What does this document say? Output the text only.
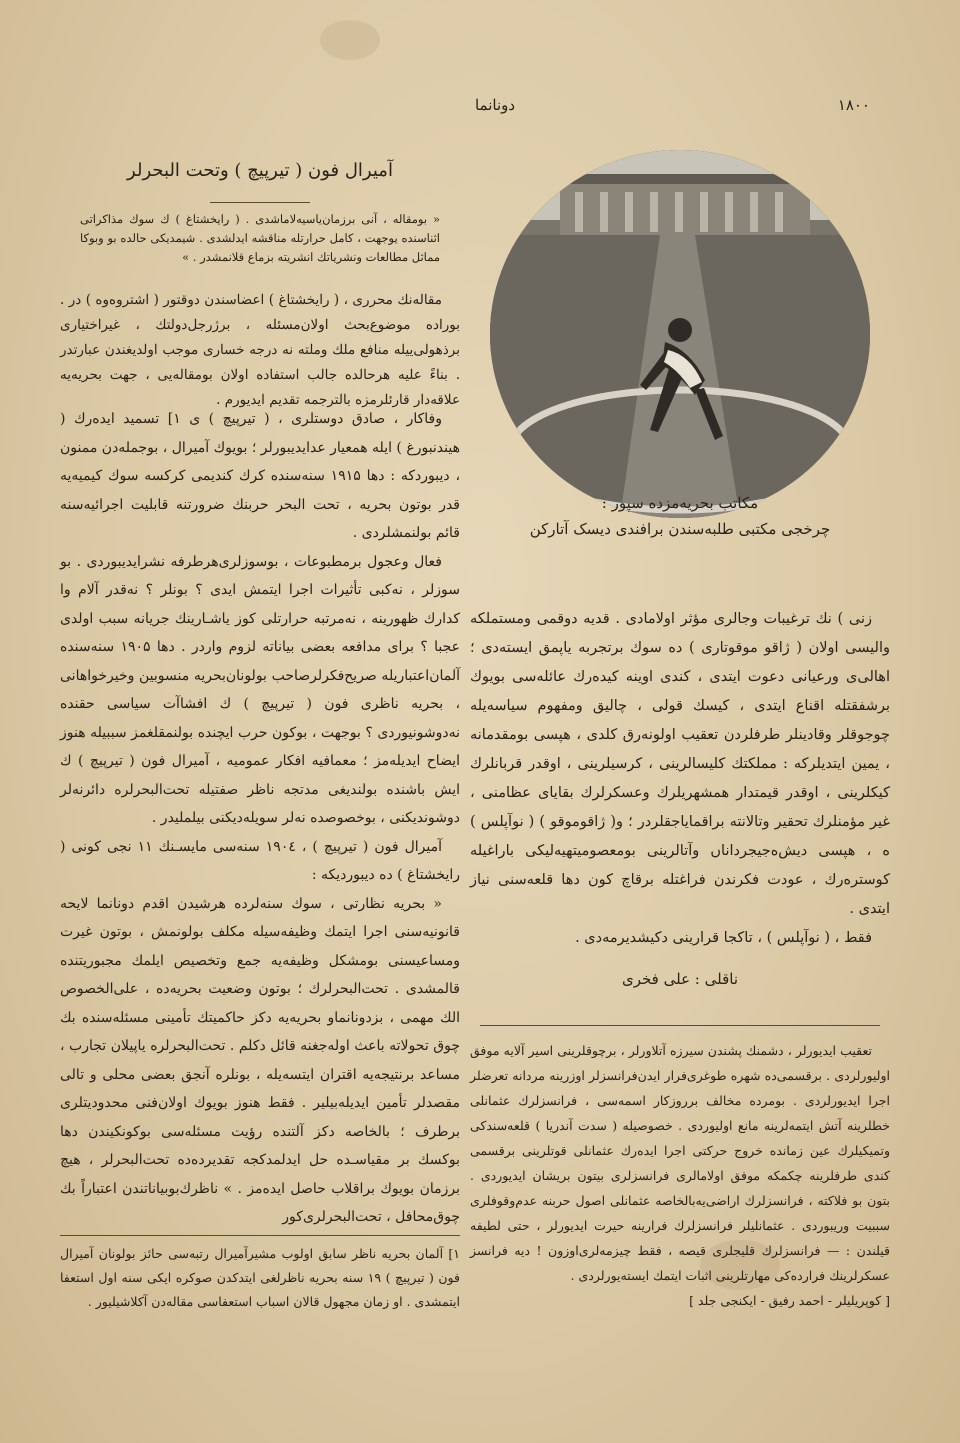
۱۸۰۰
دونانما
مکاتب بحریه‌مزده سپور :
چرخجی مکتبی طلبه‌سندن برافندی دیسک آتارکن

زنی ) نك ترغیبات وجالری مؤثر اولامادی . قدیه دوقمی ومستملکه والیسی اولان ( ژاقو موقوتاری ) ده سوك برتجربه یاپمق ایسته‌دی ؛ اهالی‌ی ورعیانی دعوت ایتدی ، کندی اوینه کیده‌رك عائله‌سی بویوك برشفقتله اقناع ایتدی ، کیسك قولی ، چالیق ومفهوم سیاسه‌یله چوجوقلر وقادینلر طرفلردن تعقیب اولونه‌رق کلدی ، هپسی بومقدمانه ، یمین ایتدیلرکه : مملکتك کلیسالرینی ، کرسیلرینی ، اوقدر قربانلرك کیکلرینی ، اوقدر قیمتدار همشهریلرك وعسکرلرك بقایای عظامنی ، غیر مؤمنلرك تحقیر وتالانته براقمایاجقلردر ؛ و( ژاقوموقو ) ( نوآپلس ) ه ، هپسی دیش‌ه‌جیجرداناں وآتالرینی بومعصومیتهیه‌لیکی باراغیله کوستره‌رك ، عودت فکرندن فراغتله برقاچ کون دها قلعه‌سنی نیاز ایتدی .

فقط ، ( نوآپلس ) ، تاکجا قرارینی دکیشدیرمه‌دی .

ناقلی : علی فخری

تعقیب ایدیورلر ، دشمنك پشندن سیرزه آتلاورلر ، برچوقلرینی اسیر آلایه موفق اولیورلردی . برقسمی‌ده شهره طوغری‌فرار ایدن‌فرانسزلر اوزرینه مردانه تعرضلر اجرا ایدیورلردی . بومرده مخالف برروزکار اسمه‌سی ، فرانسزلرك عثمانلی خطلرینه آتش ایتمه‌لرینه مانع اولیوردی . خصوصیله ( سدت آندریا ) قلعه‌سندکی وتمیکیلرك عین زمانده خروج حرکتی اجرا ایده‌رك عثمانلی قوتلرینی برقسمی کندی طرفلرینه چکمکه موفق اولامالری فرانسزلری بیتون بریشان ایدیوردی . بتون بو فلاکته ، فرانسزلرك اراضی‌یه‌بالخاصه عثمانلی اصول حربنه عدم‌وقوفلری سببیت وریبوردی . عثمانلیلر فرانسزلرك فرارینه حیرت ایدیورلر ، حتی لطیفه قیلندن : — فرانسزلرك قلیجلری قیصه ، فقط چیزمه‌لری‌اوزون ! دیه فرانسز عسکرلرینك فرارده‌کی مهارتلرینی اثبات ایتمك ایسته‌یورلردی .

[ کوپریلیلر - احمد رفیق - ایکنجی جلد ]
آمیرال فون ( تیرپیچ ) وتحت البحرلر
« بومقاله ، آنی برزمان‌یاسیه‌لاماشدی . ( رایخشتاغ ) ك سوك مذاکراتی اثناسنده یوجهت ، کامل حرارتله مناقشه ایدلشدی . شیمدیکی حالده بو وبوکا مماثل مطالعات ونشریاتك انشریته بزماع قلانمشدر . »

مقاله‌نك محرری ، ( رایخشتاغ ) اعضاسندن دوقتور ( اشتروه‌وه ) در . بوراده موضوع‌بحث اولان‌مسئله ، برژرجل‌دولتك ، غیراختیاری برذهولی‌ییله منافع ملك وملته نه درجه خساری موجب اولدیغندن عبارتدر . بناءً علیه هرحالده جالب استفاده اولان بومقاله‌یی ، جهت بحریه‌یه علاقه‌دار قارئلرمزه بالترجمه تقدیم ایدیورم .

وفاکار ، صادق دوستلری ، ( تیرپیچ ) ی ۱] تسمید ایده‌رك ( هیندنبورغ ) ایله همعیار عدایدیبورلر ؛ بویوك آمیرال ، بوجمله‌دن ممنون ، دیبوردکه : دها ۱۹۱۵ سنه‌سنده کرك کندیمی کرکسه سوك کیمیه‌یه قدر بوتون بحریه ، تحت البحر حربنك ضرورتنه قابلیت اجرائیه‌سنه قائم بولنمشلردی .

فعال وعجول برمطبوعات ، بوسوزلری‌هرطرفه نشرایدیبوردی . بو سوزلر ، نه‌کبی تأثیرات اجرا ایتمش ایدی ؟ بونلر ؟ نه‌قدر آلام وا کدارك ظهورینه ، نه‌مرتبه حرارتلی کوز یاشـارینك جریانه سبب اولدی عجبا ؟ برای مدافعه بعضی بیاناته لزوم واردر . دها ۱۹۰۵ سنه‌سنده آلمان‌اعتباریله صریح‌فکرلر‌صاحب بولونان‌بحریه منسوبین وخیرخواهانی ، بحریه ناظری فون ( تیرپیچ ) ك افشاآت سیاسی حقنده نه‌دوشونیوردی ؟ بوجهت ، بوکون حرب ایچنده بولنمقلغمز سببیله هنوز ایضاح ایدیله‌مز ؛ معمافیه افکار عمومیه ، آمیرال فون ( تیرپیچ ) ك ایش باشنده بولندیغی مدتجه ناظر صفتیله تحت‌البحرلره دائرنه‌لر دوشوندیکنی ، بوخصوصده نه‌لر سویله‌دیکنی بیلملیدر .

آمیرال فون ( تیرپیچ ) ، ۱۹۰٤ سنه‌سی مایسـنك ۱۱ نجی کونی ( رایخشتاغ ) ده دیبوردیکه :

« بحریه نظارتی ، سوك سنه‌لرده هرشیدن اقدم دونانما لایحه قانونیه‌سنی اجرا ایتمك وظیفه‌سیله مکلف بولونمش ، بوتون غیرت ومساعیسنی بومشکل وظیفه‌یه جمع وتخصیص ایلمك مجبوریتنده قالمشدی . تحت‌البحرلرك ؛ بوتون وضعیت بحریه‌ده ، علی‌الخصوص الك مهمی ، بزدونانماو بحریه‌یه دکز حاکمیتك تأمینی مسئله‌سنده بك چوق تحولاته باعث اوله‌جغنه قائل دکلم . تحت‌البحرلره یاپیلان تجارب ، مساعد برنتیجه‌یه اقتران ایتسه‌یله ، بونلره آنجق بعضی محلی و تالی مقصدلر تأمین ایدیله‌بیلیر . فقط هنوز بویوك اولان‌فنی محدودیتلری برطرف ؛ بالخاصه دکز آلتنده رؤیت مسئله‌سی بوکونکیندن دها بوکسك بر مقیاسـده حل ایدلمدکجه تقدیرده‌ده تحت‌البحرلر ، هیچ برزمان بویوك براقلاب حاصل ایده‌مز . » ناظرك‌بوبیاناتندن اعتباراً بك چوق‌محافل ، تحت‌البحرلری‌کور

۱] آلمان بحریه ناظر سابق اولوب مشیرآمیرال رتبه‌سی حائز بولونان آمیرال فون ( تیرپیچ ) ۱۹ سنه بحریه ناظرلغی ایتدکدن صوکره ایکی سنه اول استعفا ایتمشدی . او زمان مجهول قالان اسباب استعفاسی مقاله‌دن آکلاشیلیور .
